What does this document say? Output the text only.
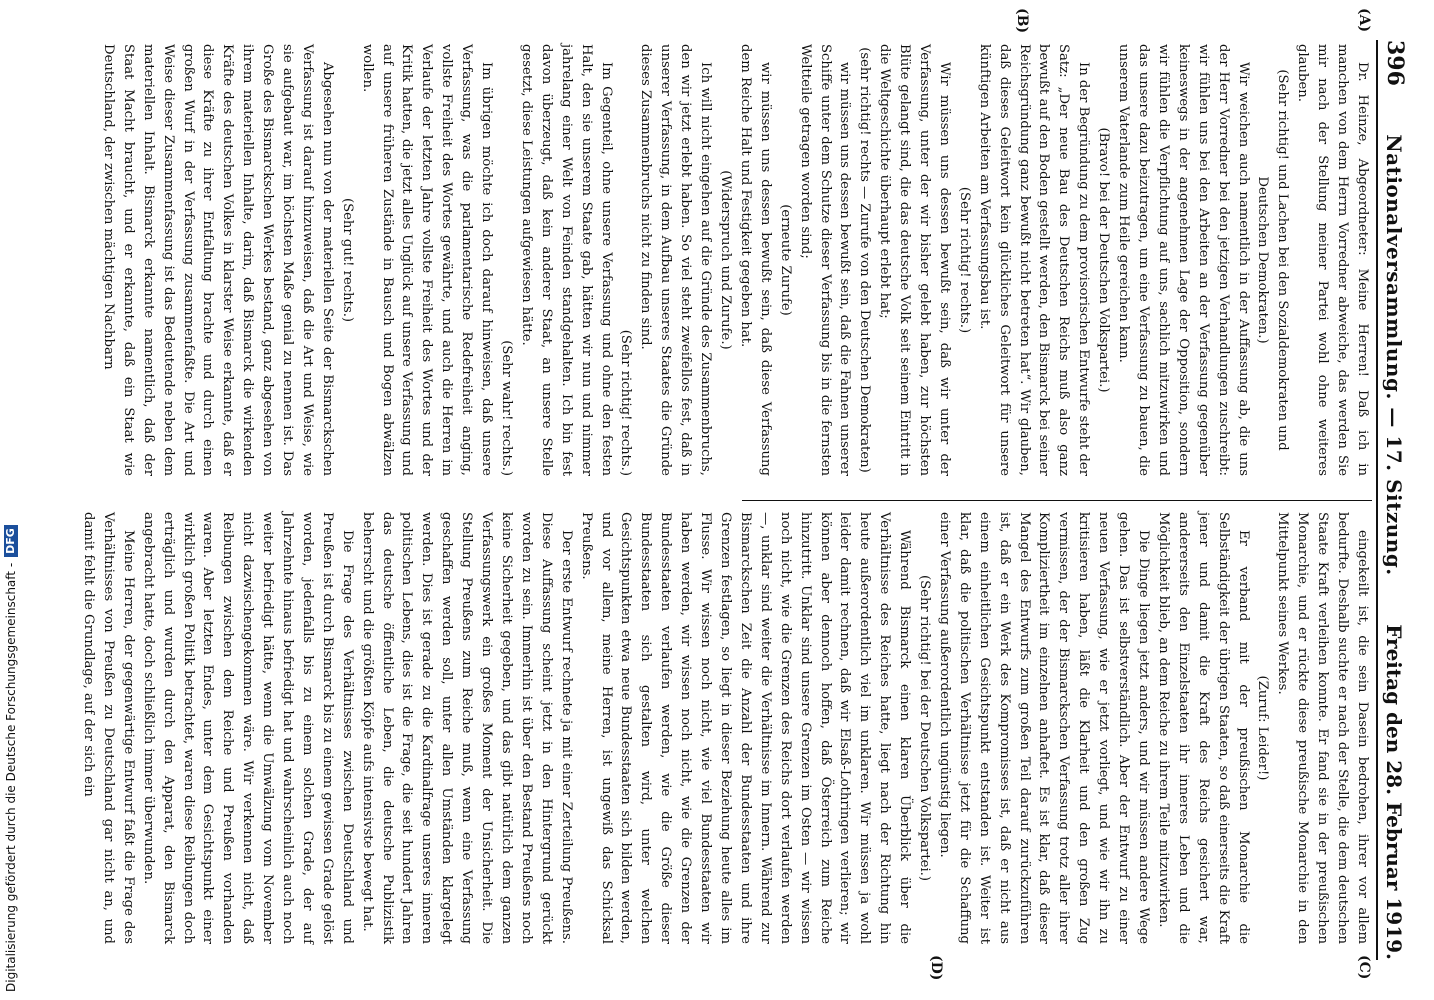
396
Nationalversammlung. — 17. Sitzung.
Freitag den 28. Februar 1919.
(A)
(B)
(C)
(D)

Dr. Heinze, Abgeordneter: Meine Herren! Daß ich in manchen von dem Herrn Vorredner abweiche, das werden Sie mir nach der Stellung meiner Partei wohl ohne weiteres glauben.

(Sehr richtig! und Lachen bei den Sozialdemokraten und Deutschen Demokraten.)

Wir weichen auch namentlich in der Auffassung ab, die uns der Herr Vorredner bei den jetzigen Verhandlungen zuschreibt: wir fühlen uns bei den Arbeiten an der Verfassung gegenüber keineswegs in der angenehmen Lage der Opposition, sondern wir fühlen die Verpflichtung auf uns, sachlich mitzuwirken und das unsere dazu beizutragen, um eine Verfassung zu bauen, die unserem Vaterlande zum Heile gereichen kann.

(Bravo! bei der Deutschen Volkspartei.)

In der Begründung zu dem provisorischen Entwurfe steht der Satz: „Der neue Bau des Deutschen Reichs muß also ganz bewußt auf den Boden gestellt werden, den Bismarck bei seiner Reichsgründung ganz bewußt nicht betreten hat“. Wir glauben, daß dieses Geleitwort kein glückliches Geleitwort für unsere künftigen Arbeiten am Verfassungsbau ist.

(Sehr richtig! rechts.)

Wir müssen uns dessen bewußt sein, daß wir unter der Verfassung, unter der wir bisher gelebt haben, zur höchsten Blüte gelangt sind, die das deutsche Volk seit seinem Eintritt in die Weltgeschichte überhaupt erlebt hat;

(sehr richtig! rechts — Zurufe von den Deutschen Demokraten)

wir müssen uns dessen bewußt sein, daß die Fahnen unserer Schiffe unter dem Schutze dieser Verfassung bis in die fernsten Weltteile getragen worden sind;

(erneute Zurufe)

wir müssen uns dessen bewußt sein, daß diese Verfassung dem Reiche Halt und Festigkeit gegeben hat.

(Widerspruch und Zurufe.)

Ich will nicht eingehen auf die Gründe des Zusammenbruchs, den wir jetzt erlebt haben. So viel steht zweifellos fest, daß in unserer Verfassung, in dem Aufbau unseres Staates die Gründe dieses Zusammenbruchs nicht zu finden sind.

(Sehr richtig! rechts.)

Im Gegenteil, ohne unsere Verfassung und ohne den festen Halt, den sie unserem Staate gab, hätten wir nun und nimmer jahrelang einer Welt von Feinden standgehalten. Ich bin fest davon überzeugt, daß kein anderer Staat, an unsere Stelle gesetzt, diese Leistungen aufgewiesen hätte.

(Sehr wahr! rechts.)

Im übrigen möchte ich doch darauf hinweisen, daß unsere Verfassung, was die parlamentarische Redefreiheit anging, vollste Freiheit des Wortes gewährte, und auch die Herren im Verlaufe der letzten Jahre vollste Freiheit des Wortes und der Kritik hatten, die jetzt alles Unglück auf unsere Verfassung und auf unsere früheren Zustände in Bausch und Bogen abwälzen wollen.

(Sehr gut! rechts.)

Abgesehen nun von der materiellen Seite der Bismarckschen Verfassung ist darauf hinzuweisen, daß die Art und Weise, wie sie aufgebaut war, im höchsten Maße genial zu nennen ist. Das Große des Bismarckschen Werkes bestand, ganz abgesehen von ihrem materiellen Inhalte, darin, daß Bismarck die wirkenden Kräfte des deutschen Volkes in klarster Weise erkannte, daß er diese Kräfte zu ihrer Entfaltung brachte und durch einen großen Wurf in der Verfassung zusammenfaßte. Die Art und Weise dieser Zusammenfassung ist das Bedeutende neben dem materiellen Inhalt. Bismarck erkannte namentlich, daß der Staat Macht braucht, und er erkannte, daß ein Staat wie Deutschland, der zwischen mächtigen Nachbarn

eingekeilt ist, die sein Dasein bedrohen, ihrer vor allem bedurfte. Deshalb suchte er nach der Stelle, die dem deutschen Staate Kraft verleihen konnte. Er fand sie in der preußischen Monarchie, und er rückte diese preußische Monarchie in den Mittelpunkt seines Werkes.

(Zuruf: Leider!)

Er verband mit der preußischen Monarchie die Selbständigkeit der übrigen Staaten, so daß einerseits die Kraft jener und damit die Kraft des Reichs gesichert war, andererseits den Einzelstaaten ihr inneres Leben und die Möglichkeit blieb, an dem Reiche zu ihrem Teile mitzuwirken.

Die Dinge liegen jetzt anders, und wir müssen andere Wege gehen. Das ist selbstverständlich. Aber der Entwurf zu einer neuen Verfassung, wie er jetzt vorliegt, und wie wir ihn zu kritisieren haben, läßt die Klarheit und den großen Zug vermissen, der der Bismarckschen Verfassung trotz aller ihrer Kompliziertheit im einzelnen anhaftet. Es ist klar, daß dieser Mangel des Entwurfs zum großen Teil darauf zurückzuführen ist, daß er ein Werk des Kompromisses ist, daß er nicht aus einem einheitlichen Gesichtspunkt entstanden ist. Weiter ist klar, daß die politischen Verhältnisse jetzt für die Schaffung einer Verfassung außerordentlich ungünstig liegen.

(Sehr richtig! bei der Deutschen Volkspartei.)

Während Bismarck einen klaren Überblick über die Verhältnisse des Reiches hatte, liegt nach der Richtung hin heute außerordentlich viel im unklaren. Wir müssen ja wohl leider damit rechnen, daß wir Elsaß-Lothringen verlieren; wir können aber dennoch hoffen, daß Österreich zum Reiche hinzutritt. Unklar sind unsere Grenzen im Osten — wir wissen noch nicht, wie die Grenzen des Reichs dort verlaufen werden —, unklar sind weiter die Verhältnisse im Innern. Während zur Bismarckschen Zeit die Anzahl der Bundesstaaten und ihre Grenzen festlagen, so liegt in dieser Beziehung heute alles im Flusse. Wir wissen noch nicht, wie viel Bundesstaaten wir haben werden, wir wissen noch nicht, wie die Grenzen der Bundesstaaten verlaufen werden, wie die Größe dieser Bundesstaaten sich gestalten wird, unter welchen Gesichtspunkten etwa neue Bundesstaaten sich bilden werden, und vor allem, meine Herren, ist ungewiß das Schicksal Preußens.

Der erste Entwurf rechnete ja mit einer Zerteilung Preußens. Diese Auffassung scheint jetzt in den Hintergrund gerückt worden zu sein. Immerhin ist über den Bestand Preußens noch keine Sicherheit gegeben, und das gibt natürlich dem ganzen Verfassungswerk ein großes Moment der Unsicherheit. Die Stellung Preußens zum Reiche muß, wenn eine Verfassung geschaffen werden soll, unter allen Umständen klargelegt werden. Dies ist gerade zu die Kardinalfrage unseres inneren politischen Lebens, dies ist die Frage, die seit hundert Jahren das deutsche öffentliche Leben, die deutsche Publizistik beherrscht und die größten Köpfe aufs intensivste bewegt hat.

Die Frage des Verhältnisses zwischen Deutschland und Preußen ist durch Bismarck bis zu einem gewissen Grade gelöst worden, jedenfalls bis zu einem solchen Grade, der auf Jahrzehnte hinaus befriedigt hat und wahrscheinlich auch noch weiter befriedigt hätte, wenn die Umwälzung vom November nicht dazwischengekommen wäre. Wir verkennen nicht, daß Reibungen zwischen dem Reiche und Preußen vorhanden waren. Aber letzten Endes, unter dem Gesichtspunkt einer wirklich großen Politik betrachtet, waren diese Reibungen doch erträglich und wurden durch den Apparat, den Bismarck angebracht hatte, doch schließlich immer überwunden.

Meine Herren, der gegenwärtige Entwurf faßt die Frage des Verhältnisses von Preußen zu Deutschland gar nicht an, und damit fehlt die Grundlage, auf der sich ein

Digitalisierung gefördert durch die Deutsche Forschungsgemeinschaft -
DFG
